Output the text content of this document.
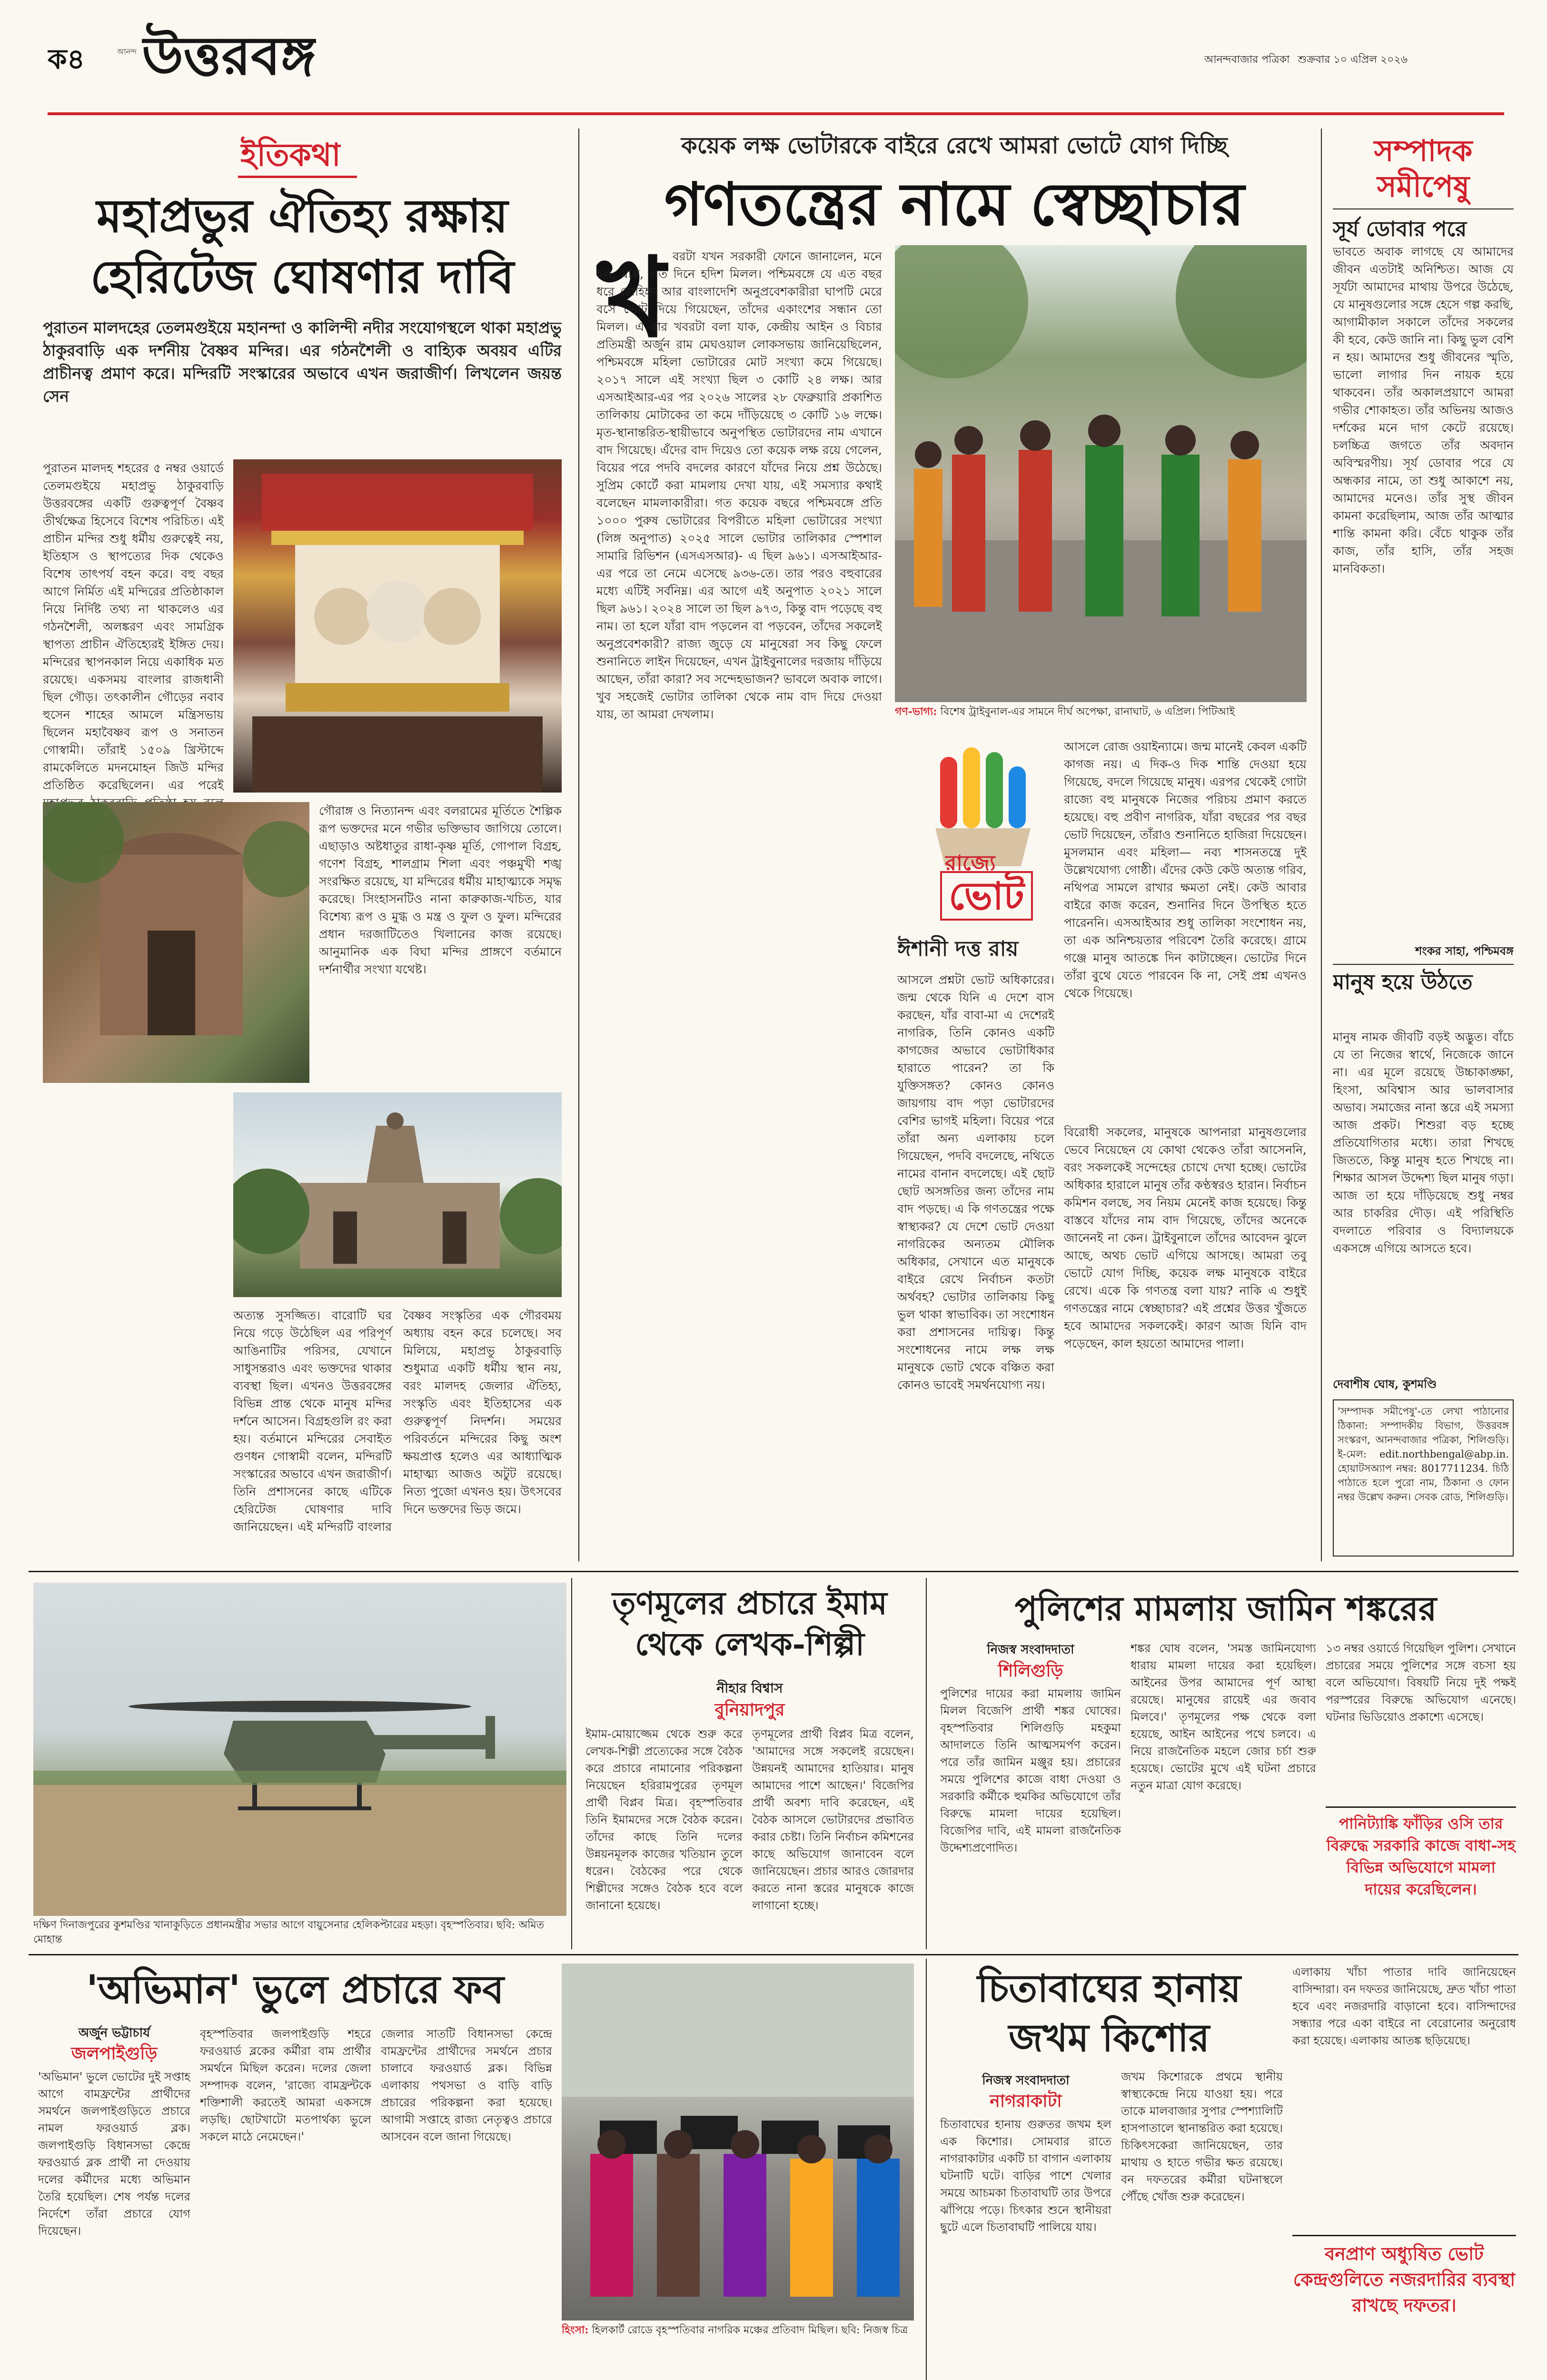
ক৪	আনন্দ উত্তরবঙ্গ	আনন্দবাজার পত্রিকা শুক্রবার ১০ এপ্রিল ২০২৬
ইতিকথা
মহাপ্রভুর ঐতিহ্য রক্ষায় হেরিটেজ ঘোষণার দাবি
পুরাতন মালদহের তেলমগুইয়ে মহানন্দা ও কালিন্দী নদীর সংযোগস্থলে থাকা মহাপ্রভু ঠাকুরবাড়ি এক দর্শনীয় বৈষ্ণব মন্দির। এর গঠনশৈলী ও বাহ্যিক অবয়ব এটির প্রাচীনত্ব প্রমাণ করে। মন্দিরটি সংস্কারের অভাবে এখন জরাজীর্ণ। লিখলেন জয়ন্ত সেন
পুরাতন মালদহ শহরের ৫ নম্বর ওয়ার্ডে তেলমগুইয়ে মহাপ্রভু ঠাকুরবাড়ি উত্তরবঙ্গের একটি গুরুত্বপূর্ণ বৈষ্ণব তীর্থক্ষেত্র হিসেবে বিশেষ পরিচিত। এই প্রাচীন মন্দির শুধু ধর্মীয় গুরুত্বেই নয়, ইতিহাস ও স্থাপত্যের দিক থেকেও বিশেষ তাৎপর্য বহন করে। বহু বছর আগে নির্মিত এই মন্দিরের প্রতিষ্ঠাকাল নিয়ে নির্দিষ্ট তথ্য না থাকলেও এর গঠনশৈলী, অলঙ্করণ এবং সামগ্রিক স্থাপত্য প্রাচীন ঐতিহ্যেরই ইঙ্গিত দেয়। মন্দিরের স্থাপনকাল নিয়ে একাধিক মত রয়েছে। একসময় বাংলার রাজধানী ছিল গৌড়। তৎকালীন গৌড়ের নবাব হুসেন শাহের আমলে মন্ত্রিসভায় ছিলেন মহাবৈষ্ণব রূপ ও সনাতন গোস্বামী। তাঁরাই ১৫০৯ খ্রিস্টাব্দে রামকেলিতে মদনমোহন জিউ মন্দির প্রতিষ্ঠিত করেছিলেন। এর পরেই
গৌরাঙ্গ ও নিত্যানন্দ এবং বলরামের মূর্তিতে শৈল্পিক রূপ ভক্তদের মনে গভীর ভক্তিভাব জাগিয়ে তোলে। এছাড়াও অষ্টধাতুর রাধা-কৃষ্ণ মূর্তি, গোপাল বিগ্রহ, গণেশ বিগ্রহ, শালগ্রাম শিলা এবং পঞ্চমুখী শঙ্খ সংরক্ষিত রয়েছে, যা মন্দিরের ধর্মীয় মাহাত্ম্যকে সমৃদ্ধ করেছে। সিংহাসনটিও নানা কারুকাজ-খচিত, যার বিশেষ্য রূপ ও মুগ্ধ ও মন্ত্র ও ফুল ও ফুল। মন্দিরের প্রধান দরজাটিতেও খিলানের কাজ রয়েছে। আনুমানিক এক বিঘা মন্দির প্রাঙ্গণে বর্তমানে দর্শনার্থীর সংখ্যা যথেষ্ট।
অত্যন্ত সুসজ্জিত। বারোটি ঘর নিয়ে গড়ে উঠেছিল এর পরিপূর্ণ আঙিনাটির পরিসর, যেখানে সাধুসন্তরাও এবং ভক্তদের থাকার ব্যবস্থা ছিল। এখনও উত্তরবঙ্গের বিভিন্ন প্রান্ত থেকে মানুষ মন্দির দর্শনে আসেন। বিগ্রহগুলি রং করা হয়। বর্তমানে মন্দিরের সেবাইত গুণধন গোস্বামী বলেন, মন্দিরটি সংস্কারের অভাবে এখন জরাজীর্ণ। তিনি প্রশাসনের কাছে এটিকে হেরিটেজ ঘোষণার দাবি জানিয়েছেন। এই মন্দিরটি বাংলার বৈষ্ণব সংস্কৃতির এক গৌরবময় অধ্যায় বহন করে চলেছে। সব মিলিয়ে, মহাপ্রভু ঠাকুরবাড়ি শুধুমাত্র একটি ধর্মীয় স্থান নয়, বরং মালদহ জেলার ঐতিহ্য, সংস্কৃতি এবং ইতিহাসের এক গুরুত্বপূর্ণ নিদর্শন। সময়ের পরিবর্তনে মন্দিরের কিছু অংশ ক্ষয়প্রাপ্ত হলেও এর আধ্যাত্মিক মাহাত্ম্য আজও অটুট রয়েছে। নিত্য পুজো এখনও হয়। উৎসবের দিনে ভক্তদের ভিড় জমে।
কয়েক লক্ষ ভোটারকে বাইরে রেখে আমরা ভোটে যোগ দিচ্ছি
গণতন্ত্রের নামে স্বেচ্ছাচার
খ বরটা যখন সরকারী ফোনে জানালেন, মনে হল, যাক, এত দিনে হদিশ মিলল। পশ্চিমবঙ্গে যে এত বছর ধরে রোহিঙ্গা আর বাংলাদেশি অনুপ্রবেশকারীরা ঘাপটি মেরে বসে ভোট দিয়ে গিয়েছেন, তাঁদের একাংশের সন্ধান তো মিলল। এ বার খবরটা বলা যাক, কেন্দ্রীয় আইন ও বিচার প্রতিমন্ত্রী অর্জুন রাম মেঘওয়াল লোকসভায় জানিয়েছিলেন, পশ্চিমবঙ্গে মহিলা ভোটারের মোট সংখ্যা কমে গিয়েছে। ২০১৭ সালে এই সংখ্যা ছিল ৩ কোটি ২৪ লক্ষ। আর এসআইআর-এর পর ২০২৬ সালের ২৮ ফেব্রুয়ারি প্রকাশিত তালিকায় মোটাকের তা কমে দাঁড়িয়েছে ৩ কোটি ১৬ লক্ষে। মৃত-স্থানান্তরিত-স্থায়ীভাবে অনুপস্থিত ভোটারদের নাম এখানে বাদ গিয়েছে। এঁদের বাদ দিয়েও তো কয়েক লক্ষ রয়ে গেলেন, বিয়ের পরে পদবি বদলের কারণে যাঁদের নিয়ে প্রশ্ন উঠেছে। সুপ্রিম কোর্টে করা মামলায় দেখা যায়, এই সমস্যার কথাই বলেছেন মামলাকারীরা। গত কয়েক বছরে পশ্চিমবঙ্গে প্রতি ১০০০ পুরুষ ভোটারের বিপরীতে মহিলা ভোটারের সংখ্যা (লিঙ্গ অনুপাত) ২০২৫ সালে ভোটার তালিকার স্পেশাল সামারি রিভিশন (এসএসআর)- এ ছিল ৯৬১। এসআইআর-এর পরে তা নেমে এসেছে ৯৩৬-তে। তার পরও বহুবারের মধ্যে এটিই সর্বনিম্ন। এর আগে এই অনুপাত ২০২১ সালে ছিল ৯৬১। ২০২৪ সালে তা ছিল ৯৭৩, কিন্তু বাদ পড়েছে বহু নাম। তা হলে যাঁরা বাদ পড়লেন বা পড়বেন, তাঁদের সকলেই অনুপ্রবেশকারী? রাজ্য জুড়ে যে মানুষেরা সব কিছু ফেলে শুনানিতে লাইন দিয়েছেন, এখন ট্রাইবুনালের দরজায় দাঁড়িয়ে আছেন, তাঁরা কারা? সব সন্দেহভাজন? ভাবলে অবাক লাগে। খুব সহজেই ভোটার তালিকা থেকে নাম বাদ দিয়ে দেওয়া যায়, তা আমরা দেখলাম।	গণ-ভাগ্য: বিশেষ ট্রাইবুনাল-এর সামনে দীর্ঘ অপেক্ষা, রানাঘাট, ৬ এপ্রিল। পিটিআই
রাজ্যে
ভোট
ঈশানী দত্ত রায়
আসলে প্রশ্নটা ভোট অধিকারের। জন্ম থেকে যিনি এ দেশে বাস করছেন, যাঁর বাবা-মা এ দেশেরই নাগরিক, তিনি কোনও একটি কাগজের অভাবে ভোটাধিকার হারাতে পারেন? তা কি যুক্তিসঙ্গত? কোনও কোনও জায়গায় বাদ পড়া ভোটারদের বেশির ভাগই মহিলা। বিয়ের পরে তাঁরা অন্য এলাকায় চলে গিয়েছেন, পদবি বদলেছে, নথিতে নামের বানান বদলেছে। এই ছোট ছোট অসঙ্গতির জন্য তাঁদের নাম বাদ পড়ছে। এ কি গণতন্ত্রের পক্ষে স্বাস্থ্যকর? যে দেশে ভোট দেওয়া নাগরিকের অন্যতম মৌলিক অধিকার, সেখানে এত মানুষকে বাইরে রেখে নির্বাচন কতটা অর্থবহ? ভোটার তালিকায় কিছু ভুল থাকা স্বাভাবিক। তা সংশোধন করা প্রশাসনের দায়িত্ব। কিন্তু সংশোধনের নামে লক্ষ লক্ষ মানুষকে ভোট থেকে বঞ্চিত করা কোনও ভাবেই সমর্থনযোগ্য নয়।
আসলে রোজ ওয়াইন্যামে। জন্ম মানেই কেবল একটি কাগজ নয়। এ দিক-ও দিক শান্তি দেওয়া হয়ে গিয়েছে, বদলে গিয়েছে মানুষ। এরপর থেকেই গোটা রাজ্যে বহু মানুষকে নিজের পরিচয় প্রমাণ করতে হয়েছে। বহু প্রবীণ নাগরিক, যাঁরা বছরের পর বছর ভোট দিয়েছেন, তাঁরাও শুনানিতে হাজিরা দিয়েছেন। মুসলমান এবং মহিলা— নব্য শাসনতন্ত্রে দুই উল্লেখযোগ্য গোষ্ঠী। এঁদের কেউ কেউ অত্যন্ত গরিব, নথিপত্র সামলে রাখার ক্ষমতা নেই। কেউ আবার বাইরে কাজ করেন, শুনানির দিনে উপস্থিত হতে পারেননি। এসআইআর শুধু তালিকা সংশোধন নয়, তা এক অনিশ্চয়তার পরিবেশ তৈরি করেছে। গ্রামে গঞ্জে মানুষ আতঙ্কে দিন কাটাচ্ছেন। ভোটের দিনে তাঁরা বুথে যেতে পারবেন কি না, সেই প্রশ্ন এখনও থেকে গিয়েছে।
বিরোধী সকলের, মানুষকে আপনারা মানুষগুলোর ভেবে নিয়েছেন যে কোথা থেকেও তাঁরা আসেননি, বরং সকলকেই সন্দেহের চোখে দেখা হচ্ছে। ভোটের অধিকার হারালে মানুষ তাঁর কণ্ঠস্বরও হারান। নির্বাচন কমিশন বলছে, সব নিয়ম মেনেই কাজ হয়েছে। কিন্তু বাস্তবে যাঁদের নাম বাদ গিয়েছে, তাঁদের অনেকে জানেনই না কেন। ট্রাইবুনালে তাঁদের আবেদন ঝুলে আছে, অথচ ভোট এগিয়ে আসছে। আমরা তবু ভোটে যোগ দিচ্ছি, কয়েক লক্ষ মানুষকে বাইরে রেখে। একে কি গণতন্ত্র বলা যায়? নাকি এ শুধুই গণতন্ত্রের নামে স্বেচ্ছাচার? এই প্রশ্নের উত্তর খুঁজতে হবে আমাদের সকলকেই। কারণ আজ যিনি বাদ পড়েছেন, কাল হয়তো আমাদের পালা।
সম্পাদক
সমীপেষু
সূর্য ডোবার পরে
ভাবতে অবাক লাগছে যে আমাদের জীবন এতটাই অনিশ্চিত। আজ যে সূর্যটা আমাদের মাথায় উপরে উঠেছে, যে মানুষগুলোর সঙ্গে হেসে গল্প করছি, আগামীকাল সকালে তাঁদের সকলের কী হবে, কেউ জানি না। কিছু ভুল বেশি ন হয়। আমাদের শুধু জীবনের স্মৃতি, ভালো লাগার দিন নায়ক হয়ে থাকবেন। তাঁর অকালপ্রয়াণে আমরা গভীর শোকাহত। তাঁর অভিনয় আজও দর্শকের মনে দাগ কেটে রয়েছে। চলচ্চিত্র জগতে তাঁর অবদান অবিস্মরণীয়। সূর্য ডোবার পরে যে অন্ধকার নামে, তা শুধু আকাশে নয়, আমাদের মনেও। তাঁর সুস্থ জীবন কামনা করেছিলাম, আজ তাঁর আত্মার শান্তি কামনা করি। বেঁচে থাকুক তাঁর কাজ, তাঁর হাসি, তাঁর সহজ মানবিকতা।
শংকর সাহা, পশ্চিমবঙ্গ
মানুষ হয়ে উঠতে
মানুষ নামক জীবটি বড়ই অদ্ভুত। বাঁচে যে তা নিজের স্বার্থে, নিজেকে জানে না। এর মূলে রয়েছে উচ্চাকাঙ্ক্ষা, হিংসা, অবিশ্বাস আর ভালবাসার অভাব। সমাজের নানা স্তরে এই সমস্যা আজ প্রকট। শিশুরা বড় হচ্ছে প্রতিযোগিতার মধ্যে। তারা শিখছে জিততে, কিন্তু মানুষ হতে শিখছে না। শিক্ষার আসল উদ্দেশ্য ছিল মানুষ গড়া। আজ তা হয়ে দাঁড়িয়েছে শুধু নম্বর আর চাকরির দৌড়। এই পরিস্থিতি বদলাতে পরিবার ও বিদ্যালয়কে একসঙ্গে এগিয়ে আসতে হবে।
দেবাশীষ ঘোষ, কুশমণ্ডি
'সম্পাদক সমীপেষু'-তে লেখা পাঠানোর ঠিকানা: সম্পাদকীয় বিভাগ, উত্তরবঙ্গ সংস্করণ, আনন্দবাজার পত্রিকা, শিলিগুড়ি। ই-মেল: edit.northbengal@abp.in. হোয়াটসঅ্যাপ নম্বর: 8017711234. চিঠি পাঠাতে হলে পুরো নাম, ঠিকানা ও ফোন নম্বর উল্লেখ করুন। সেবক রোড, শিলিগুড়ি।
দক্ষিণ দিনাজপুরের কুশমণ্ডির খানাকুড়িতে প্রধানমন্ত্রীর সভার আগে বায়ুসেনার হেলিকপ্টারের মহড়া। বৃহস্পতিবার। ছবি: অমিত মোহান্ত
তৃণমূলের প্রচারে ইমাম থেকে লেখক-শিল্পী
নীহার বিশ্বাস
বুনিয়াদপুর
ইমাম-মোয়াজ্জেম থেকে শুরু করে লেখক-শিল্পী প্রত্যেকের সঙ্গে বৈঠক করে প্রচারে নামানোর পরিকল্পনা নিয়েছেন হরিরামপুরের তৃণমূল প্রার্থী বিপ্লব মিত্র। বৃহস্পতিবার তিনি ইমামদের সঙ্গে বৈঠক করেন। তাঁদের কাছে তিনি দলের উন্নয়নমূলক কাজের খতিয়ান তুলে ধরেন। বৈঠকের পরে থেকে শিল্পীদের সঙ্গেও বৈঠক হবে বলে জানানো হয়েছে।
তৃণমূলের প্রার্থী বিপ্লব মিত্র বলেন, 'আমাদের সঙ্গে সকলেই রয়েছেন। উন্নয়নই আমাদের হাতিয়ার। মানুষ আমাদের পাশে আছেন।' বিজেপির প্রার্থী অবশ্য দাবি করেছেন, এই বৈঠক আসলে ভোটারদের প্রভাবিত করার চেষ্টা। তিনি নির্বাচন কমিশনের কাছে অভিযোগ জানাবেন বলে জানিয়েছেন। প্রচার আরও জোরদার করতে নানা স্তরের মানুষকে কাজে লাগানো হচ্ছে।
পুলিশের মামলায় জামিন শঙ্করের
নিজস্ব সংবাদদাতা
শিলিগুড়ি
পুলিশের দায়ের করা মামলায় জামিন মিলল বিজেপি প্রার্থী শঙ্কর ঘোষের। বৃহস্পতিবার শিলিগুড়ি মহকুমা আদালতে তিনি আত্মসমর্পণ করেন। পরে তাঁর জামিন মঞ্জুর হয়। প্রচারের সময়ে পুলিশের কাজে বাধা দেওয়া ও সরকারি কর্মীকে হুমকির অভিযোগে তাঁর বিরুদ্ধে মামলা দায়ের হয়েছিল। বিজেপির দাবি, এই মামলা রাজনৈতিক উদ্দেশ্যপ্রণোদিত।
শঙ্কর ঘোষ বলেন, 'সমস্ত জামিনযোগ্য ধারায় মামলা দায়ের করা হয়েছিল। আইনের উপর আমাদের পূর্ণ আস্থা রয়েছে। মানুষের রায়েই এর জবাব মিলবে।' তৃণমূলের পক্ষ থেকে বলা হয়েছে, আইন আইনের পথে চলবে। এ নিয়ে রাজনৈতিক মহলে জোর চর্চা শুরু হয়েছে। ভোটের মুখে এই ঘটনা প্রচারে নতুন মাত্রা যোগ করেছে।
১৩ নম্বর ওয়ার্ডে গিয়েছিল পুলিশ। সেখানে প্রচারের সময়ে পুলিশের সঙ্গে বচসা হয় বলে অভিযোগ। বিষয়টি নিয়ে দুই পক্ষই পরস্পরের বিরুদ্ধে অভিযোগ এনেছে। ঘটনার ভিডিয়োও প্রকাশ্যে এসেছে।
পানিট্যাঙ্কি ফাঁড়ির ওসি তার বিরুদ্ধে সরকারি কাজে বাধা-সহ বিভিন্ন অভিযোগে মামলা দায়ের করেছিলেন।
'অভিমান' ভুলে প্রচারে ফব
অর্জুন ভট্টাচার্য
জলপাইগুড়ি
'অভিমান' ভুলে ভোটের দুই সপ্তাহ আগে বামফ্রন্টের প্রার্থীদের সমর্থনে জলপাইগুড়িতে প্রচারে নামল ফরওয়ার্ড ব্লক। জলপাইগুড়ি বিধানসভা কেন্দ্রে ফরওয়ার্ড ব্লক প্রার্থী না দেওয়ায় দলের কর্মীদের মধ্যে অভিমান তৈরি হয়েছিল। শেষ পর্যন্ত দলের নির্দেশে তাঁরা প্রচারে যোগ দিয়েছেন।
বৃহস্পতিবার জলপাইগুড়ি শহরে ফরওয়ার্ড ব্লকের কর্মীরা বাম প্রার্থীর সমর্থনে মিছিল করেন। দলের জেলা সম্পাদক বলেন, 'রাজ্যে বামফ্রন্টকে শক্তিশালী করতেই আমরা একসঙ্গে লড়ছি। ছোটখাটো মতপার্থক্য ভুলে সকলে মাঠে নেমেছেন।'
জেলার সাতটি বিধানসভা কেন্দ্রে বামফ্রন্টের প্রার্থীদের সমর্থনে প্রচার চালাবে ফরওয়ার্ড ব্লক। বিভিন্ন এলাকায় পথসভা ও বাড়ি বাড়ি প্রচারের পরিকল্পনা করা হয়েছে। আগামী সপ্তাহে রাজ্য নেতৃত্বও প্রচারে আসবেন বলে জানা গিয়েছে।
হিংসা: হিলকার্ট রোডে বৃহস্পতিবার নাগরিক মঞ্চের প্রতিবাদ মিছিল। ছবি: নিজস্ব চিত্র
চিতাবাঘের হানায় জখম কিশোর
নিজস্ব সংবাদদাতা
নাগরাকাটা
চিতাবাঘের হানায় গুরুতর জখম হল এক কিশোর। সোমবার রাতে নাগরাকাটার একটি চা বাগান এলাকায় ঘটনাটি ঘটে। বাড়ির পাশে খেলার সময়ে আচমকা চিতাবাঘটি তার উপরে ঝাঁপিয়ে পড়ে। চিৎকার শুনে স্থানীয়রা ছুটে এলে চিতাবাঘটি পালিয়ে যায়।
জখম কিশোরকে প্রথমে স্থানীয় স্বাস্থ্যকেন্দ্রে নিয়ে যাওয়া হয়। পরে তাকে মালবাজার সুপার স্পেশ্যালিটি হাসপাতালে স্থানান্তরিত করা হয়েছে। চিকিৎসকেরা জানিয়েছেন, তার মাথায় ও হাতে গভীর ক্ষত রয়েছে। বন দফতরের কর্মীরা ঘটনাস্থলে পৌঁছে খোঁজ শুরু করেছেন।
এলাকায় খাঁচা পাতার দাবি জানিয়েছেন বাসিন্দারা। বন দফতর জানিয়েছে, দ্রুত খাঁচা পাতা হবে এবং নজরদারি বাড়ানো হবে। বাসিন্দাদের সন্ধ্যার পরে একা বাইরে না বেরোনোর অনুরোধ করা হয়েছে। এলাকায় আতঙ্ক ছড়িয়েছে।
বনপ্রাণ অধ্যুষিত ভোট কেন্দ্রগুলিতে নজরদারির ব্যবস্থা রাখছে দফতর।
